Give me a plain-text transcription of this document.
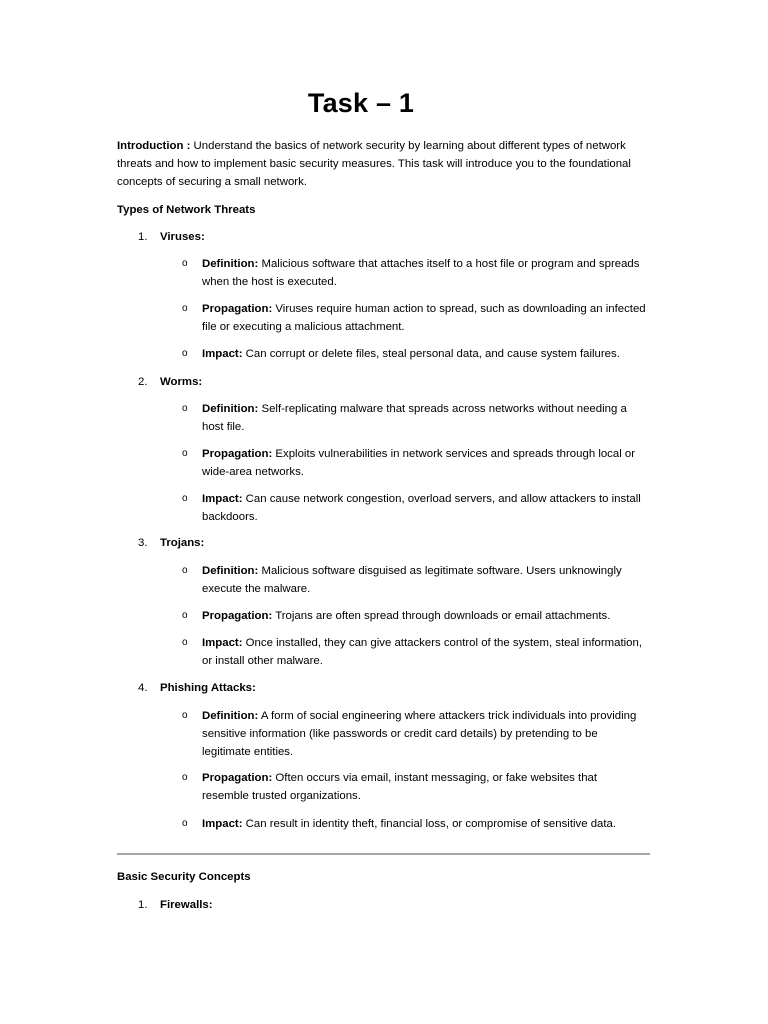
Task – 1
Introduction : Understand the basics of network security by learning about different types of network threats and how to implement basic security measures. This task will introduce you to the foundational concepts of securing a small network.
Types of Network Threats
1. Viruses:
o Definition: Malicious software that attaches itself to a host file or program and spreads when the host is executed.
o Propagation: Viruses require human action to spread, such as downloading an infected file or executing a malicious attachment.
o Impact: Can corrupt or delete files, steal personal data, and cause system failures.
2. Worms:
o Definition: Self-replicating malware that spreads across networks without needing a host file.
o Propagation: Exploits vulnerabilities in network services and spreads through local or wide-area networks.
o Impact: Can cause network congestion, overload servers, and allow attackers to install backdoors.
3. Trojans:
o Definition: Malicious software disguised as legitimate software. Users unknowingly execute the malware.
o Propagation: Trojans are often spread through downloads or email attachments.
o Impact: Once installed, they can give attackers control of the system, steal information, or install other malware.
4. Phishing Attacks:
o Definition: A form of social engineering where attackers trick individuals into providing sensitive information (like passwords or credit card details) by pretending to be legitimate entities.
o Propagation: Often occurs via email, instant messaging, or fake websites that resemble trusted organizations.
o Impact: Can result in identity theft, financial loss, or compromise of sensitive data.
Basic Security Concepts
1. Firewalls:
